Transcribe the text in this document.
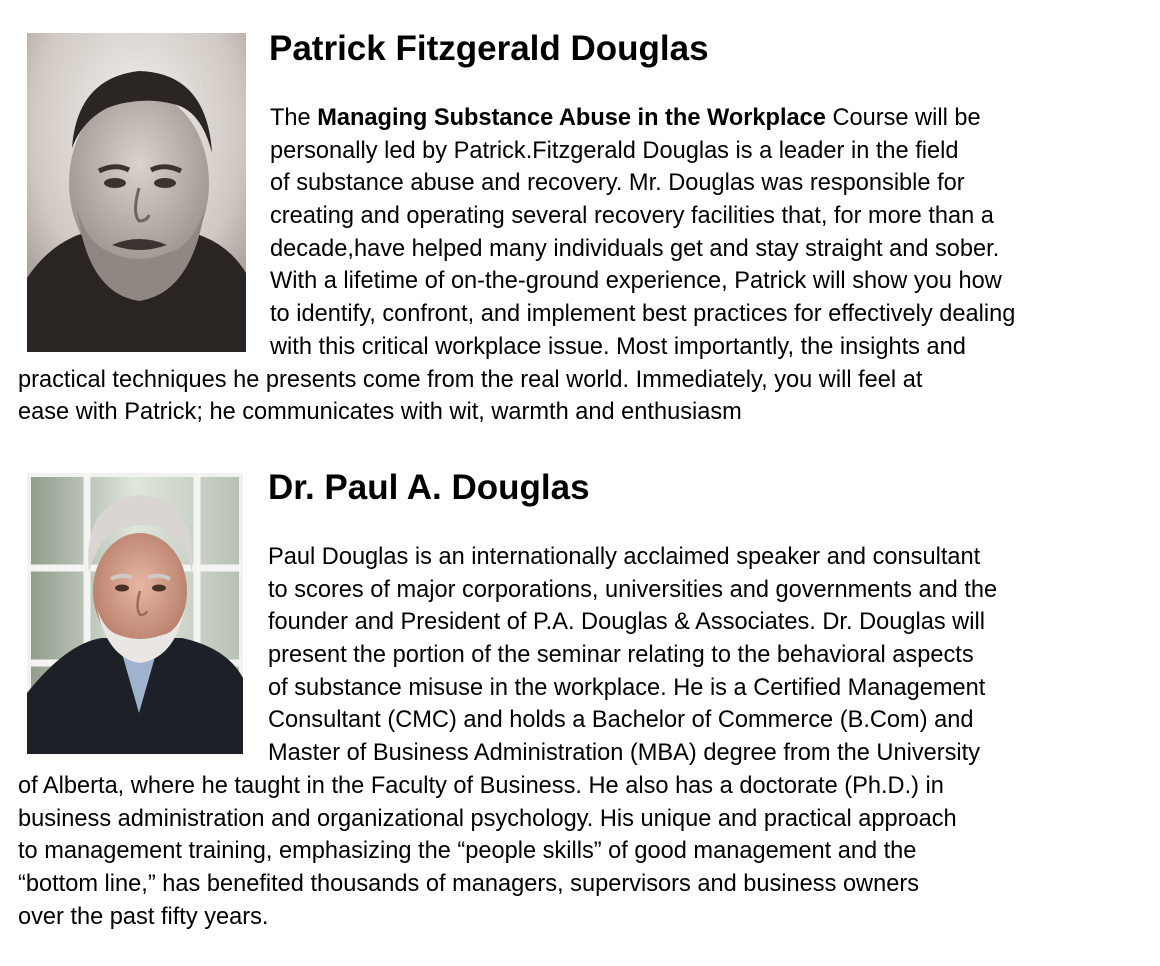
Patrick Fitzgerald Douglas
The Managing Substance Abuse in the Workplace Course will be
personally led by Patrick.Fitzgerald Douglas is a leader in the field
of substance abuse and recovery. Mr. Douglas was responsible for
creating and operating several recovery facilities that, for more than a
decade,have helped many individuals get and stay straight and sober.
With a lifetime of on-the-ground experience, Patrick will show you how
to identify, confront, and implement best practices for effectively dealing
with this critical workplace issue. Most importantly, the insights and
practical techniques he presents come from the real world. Immediately, you will feel at
ease with Patrick; he communicates with wit, warmth and enthusiasm
Dr. Paul A. Douglas
Paul Douglas is an internationally acclaimed speaker and consultant
to scores of major corporations, universities and governments and the
founder and President of P.A. Douglas & Associates. Dr. Douglas will
present the portion of the seminar relating to the behavioral aspects
of substance misuse in the workplace. He is a Certified Management
Consultant (CMC) and holds a Bachelor of Commerce (B.Com) and
Master of Business Administration (MBA) degree from the University
of Alberta, where he taught in the Faculty of Business. He also has a doctorate (Ph.D.) in
business administration and organizational psychology. His unique and practical approach
to management training, emphasizing the “people skills” of good management and the
“bottom line,” has benefited thousands of managers, supervisors and business owners
over the past fifty years.
